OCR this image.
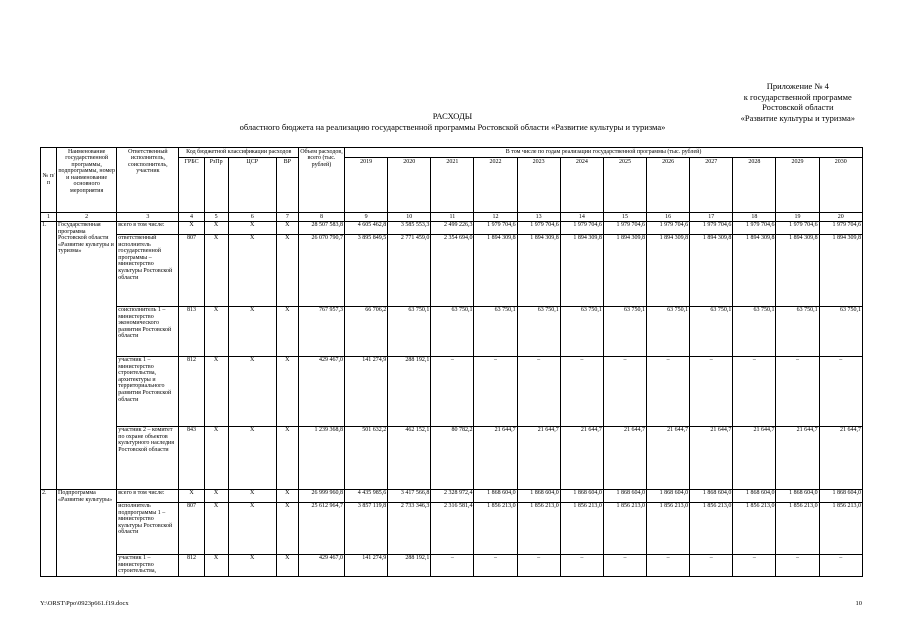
Приложение № 4
к государственной программе
Ростовской области
«Развитие культуры и туризма»
РАСХОДЫ
областного бюджета на реализацию государственной программы Ростовской области «Развитие культуры и туризма»
№ п/п	Наименование государственной программы, подпрограммы, номер и наименование основного мероприятия	Ответственный исполнитель, соисполнитель, участник	Код бюджетной классификации расходов				Объем расходов, всего (тыс. рублей)	В том числе по годам реализации государственной программы (тыс. рублей)											
			ГРБС	РзПр	ЦСР	ВР		2019	2020	2021	2022	2023	2024	2025	2026	2027	2028	2029	2030
1	2	3	4	5	6	7	8	9	10	11	12	13	14	15	16	17	18	19	20
1.	Государственная программа Ростовской области «Развитие культуры и туризма»	всего в том числе:	X	X	X	X	28 507 583,8	4 605 462,8	3 585 553,3	2 499 226,3	1 979 704,6	1 979 704,6	1 979 704,6	1 979 704,6	1 979 704,6	1 979 704,6	1 979 704,6	1 979 704,6	1 979 704,6
		ответственный исполнитель государственной программы – министерство культуры Ростовской области	807	X	X	X	26 070 790,7	3 895 849,5	2 771 459,0	2 354 694,0	1 894 309,8	1 894 309,8	1 894 309,8	1 894 309,8	1 894 309,8	1 894 309,8	1 894 309,8	1 894 309,8	1 894 309,8
		соисполнитель 1 – министерство экономического развития Ростовской области	813	X	X	X	767 957,3	66 706,2	63 750,1	63 750,1	63 750,1	63 750,1	63 750,1	63 750,1	63 750,1	63 750,1	63 750,1	63 750,1	63 750,1
		участник 1 – министерство строительства, архитектуры и территориального развития Ростовской области	812	X	X	X	429 467,0	141 274,9	288 192,1	–	–	–	–	–	–	–	–	–	–
		участник 2 – комитет по охране объектов культурного наследия Ростовской области	843	X	X	X	1 239 368,8	501 632,2	462 152,1	80 782,2	21 644,7	21 644,7	21 644,7	21 644,7	21 644,7	21 644,7	21 644,7	21 644,7	21 644,7
2.	Подпрограмма «Развитие культуры»	всего в том числе:	X	X	X	X	26 999 960,8	4 435 985,6	3 417 566,8	2 328 972,4	1 868 604,0	1 868 604,0	1 868 604,0	1 868 604,0	1 868 604,0	1 868 604,0	1 868 604,0	1 868 604,0	1 868 604,0
		исполнитель подпрограммы 1 – министерство культуры Ростовской области	807	X	X	X	25 612 964,7	3 857 119,8	2 733 346,3	2 316 581,4	1 856 213,0	1 856 213,0	1 856 213,0	1 856 213,0	1 856 213,0	1 856 213,0	1 856 213,0	1 856 213,0	1 856 213,0
		участник 1 – министерство строительства,	812	X	X	X	429 467,0	141 274,9	288 192,1	–	–	–	–	–	–	–	–	–	–
Y:\ORST\Ppo\0923p661.f19.docx	10
